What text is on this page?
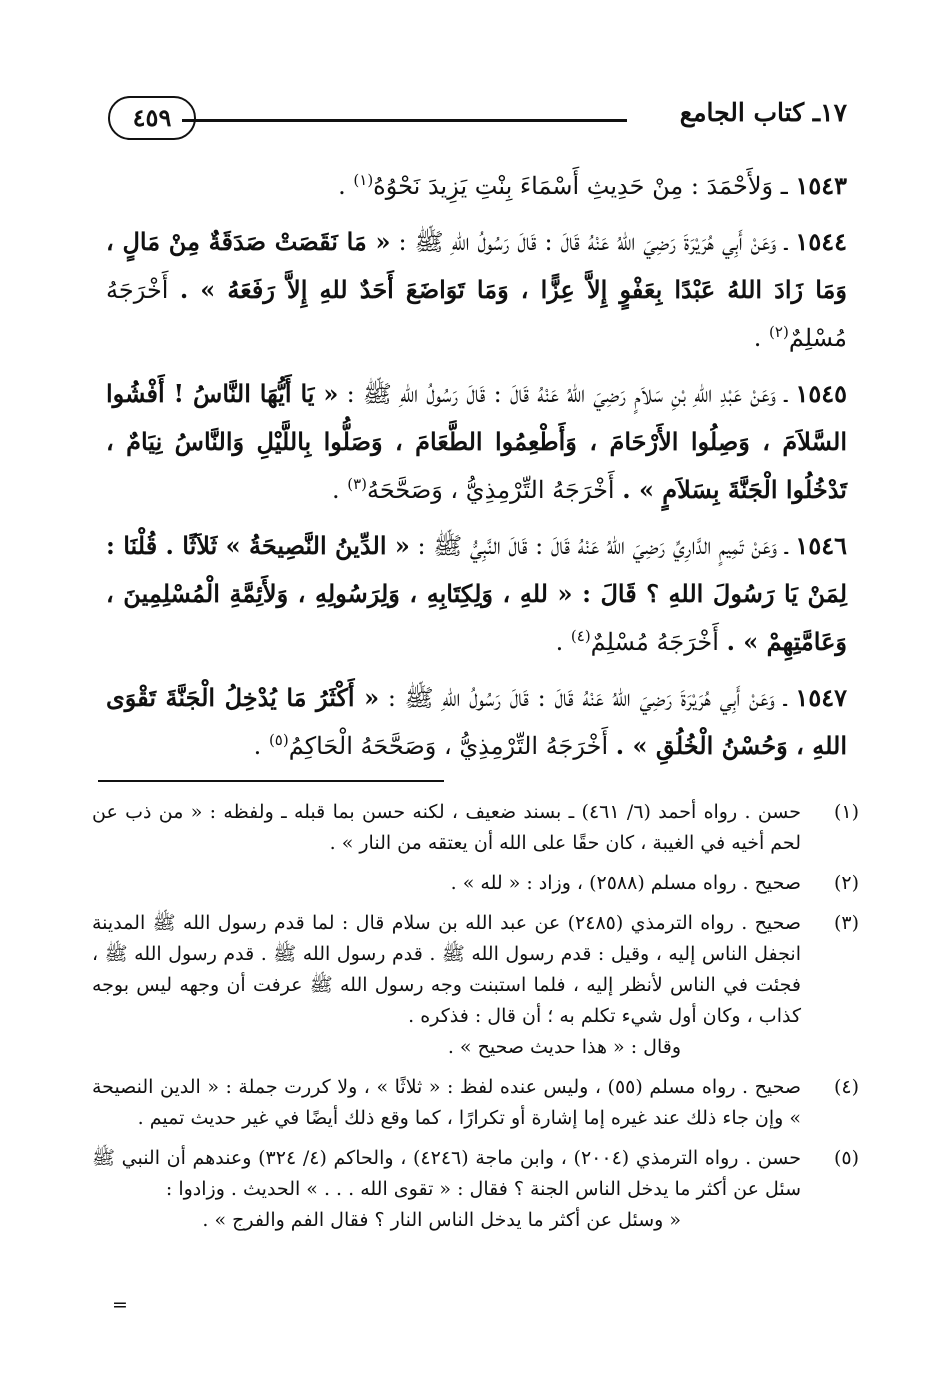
١٧ـ كتاب الجامع
٤٥٩

١٥٤٣ ـ وَلأَحْمَدَ : مِنْ حَدِيثِ أَسْمَاءَ بِنْتِ يَزِيدَ نَحْوُهُ$^{(١)}$ .

١٥٤٤ ـ وَعَنْ أَبِي هُرَيْرَةَ رَضِيَ اللهُ عَنْهُ قَالَ : قَالَ رَسُولُ اللهِ ﷺ : « مَا نَقَصَتْ صَدَقَةٌ مِنْ مَالٍ ، وَمَا زَادَ اللهُ عَبْدًا بِعَفْوٍ إِلاَّ عِزًّا ، وَمَا تَوَاضَعَ أَحَدٌ للهِ إِلاَّ رَفَعَهُ » . أَخْرَجَهُ مُسْلِمٌ$^{(٢)}$ .

١٥٤٥ ـ وَعَنْ عَبْدِ اللهِ بْنِ سَلاَمٍ رَضِيَ اللهُ عَنْهُ قَالَ : قَالَ رَسُولُ اللهِ ﷺ : « يَا أَيُّهَا النَّاسُ ! أَفْشُوا السَّلاَمَ ، وَصِلُوا الأَرْحَامَ ، وَأَطْعِمُوا الطَّعَامَ ، وَصَلُّوا بِاللَّيْلِ وَالنَّاسُ نِيَامٌ ، تَدْخُلُوا الْجَنَّةَ بِسَلاَمٍ » . أَخْرَجَهُ التِّرْمِذِيُّ ، وَصَحَّحَهُ$^{(٣)}$ .

١٥٤٦ ـ وَعَنْ تَمِيمٍ الدَّارِيِّ رَضِيَ اللهُ عَنْهُ قَالَ : قَالَ النَّبِيُّ ﷺ : « الدِّينُ النَّصِيحَةُ » ثَلاَثًا . قُلْنَا : لِمَنْ يَا رَسُولَ اللهِ ؟ قَالَ : « للهِ ، وَلِكِتَابِهِ ، وَلِرَسُولِهِ ، وَلأَئِمَّةِ الْمُسْلِمِينَ ، وَعَامَّتِهِمْ » . أَخْرَجَهُ مُسْلِمٌ$^{(٤)}$ .

١٥٤٧ ـ وَعَنْ أَبِي هُرَيْرَةَ رَضِيَ اللهُ عَنْهُ قَالَ : قَالَ رَسُولُ اللهِ ﷺ : « أَكْثَرُ مَا يُدْخِلُ الْجَنَّةَ تَقْوَى اللهِ ، وَحُسْنُ الْخُلُقِ » . أَخْرَجَهُ التِّرْمِذِيُّ ، وَصَحَّحَهُ الْحَاكِمُ$^{(٥)}$ .

(١)
حسن . رواه أحمد (٦/ ٤٦١) ـ بسند ضعيف ، لكنه حسن بما قبله ـ ولفظه : « من ذب عن لحم أخيه في الغيبة ، كان حقًا على الله أن يعتقه من النار » .
(٢)
صحيح . رواه مسلم (٢٥٨٨) ، وزاد : « لله » .
(٣)
صحيح . رواه الترمذي (٢٤٨٥) عن عبد الله بن سلام قال : لما قدم رسول الله ﷺ المدينة انجفل الناس إليه ، وقيل : قدم رسول الله ﷺ . قدم رسول الله ﷺ . قدم رسول الله ﷺ ، فجئت في الناس لأنظر إليه ، فلما استبنت وجه رسول الله ﷺ عرفت أن وجهه ليس بوجه كذاب ، وكان أول شيء تكلم به ؛ أن قال : فذكره .
وقال : « هذا حديث صحيح » .
(٤)
صحيح . رواه مسلم (٥٥) ، وليس عنده لفظ : « ثلاثًا » ، ولا كررت جملة : « الدين النصيحة » وإن جاء ذلك عند غيره إما إشارة أو تكرارًا ، كما وقع ذلك أيضًا في غير حديث تميم .
(٥)
حسن . رواه الترمذي (٢٠٠٤) ، وابن ماجة (٤٢٤٦) ، والحاكم (٤/ ٣٢٤) وعندهم أن النبي ﷺ سئل عن أكثر ما يدخل الناس الجنة ؟ فقال : « تقوى الله . . . » الحديث . وزادوا :
« وسئل عن أكثر ما يدخل الناس النار ؟ فقال الفم والفرج » .
=
